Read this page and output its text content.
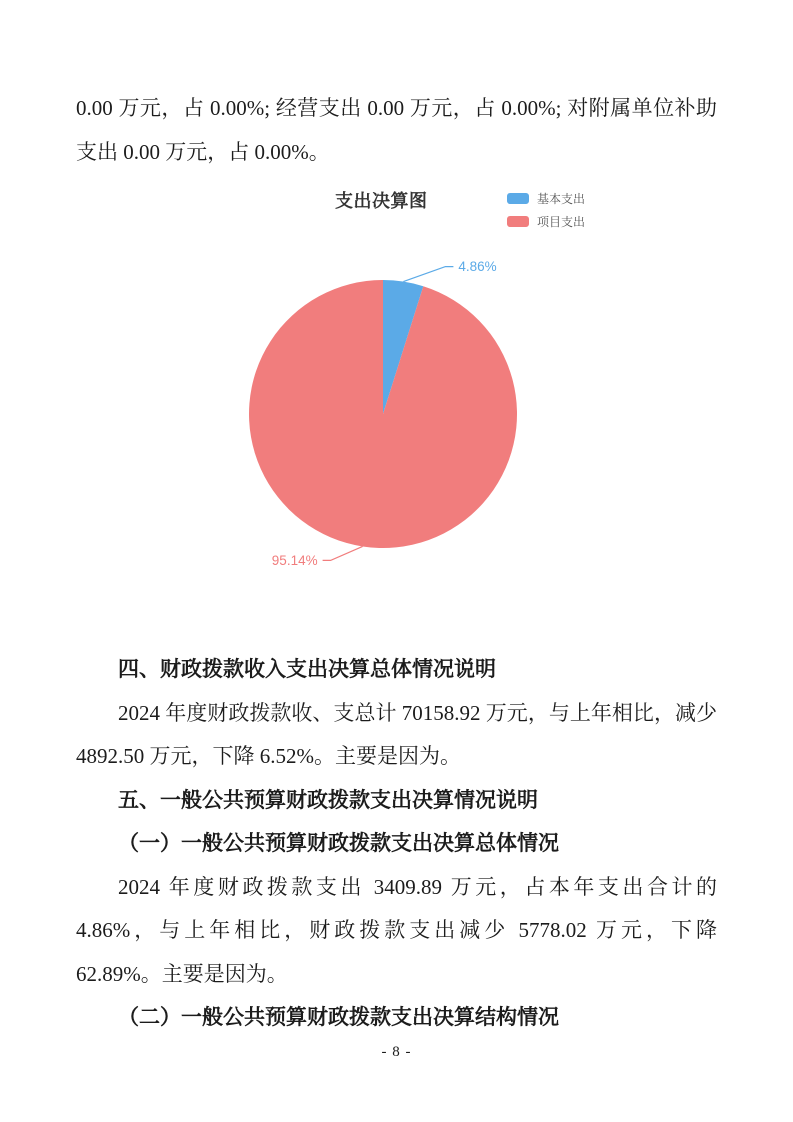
0.00 万元，占 0.00%; 经营支出 0.00 万元，占 0.00%; 对附属单位补助支出 0.00 万元，占 0.00%。

支出决算图	基本支出
项目支出
4.86%
95.14%

四、财政拨款收入支出决算总体情况说明

2024 年度财政拨款收、支总计 70158.92 万元，与上年相比，减少 4892.50 万元，下降 6.52%。主要是因为。

五、一般公共预算财政拨款支出决算情况说明

（一）一般公共预算财政拨款支出决算总体情况

2024 年度财政拨款支出 3409.89 万元，占本年支出合计的 4.86%，与上年相比，财政拨款支出减少 5778.02 万元，下降 62.89%。主要是因为。

（二）一般公共预算财政拨款支出决算结构情况

- 8 -
